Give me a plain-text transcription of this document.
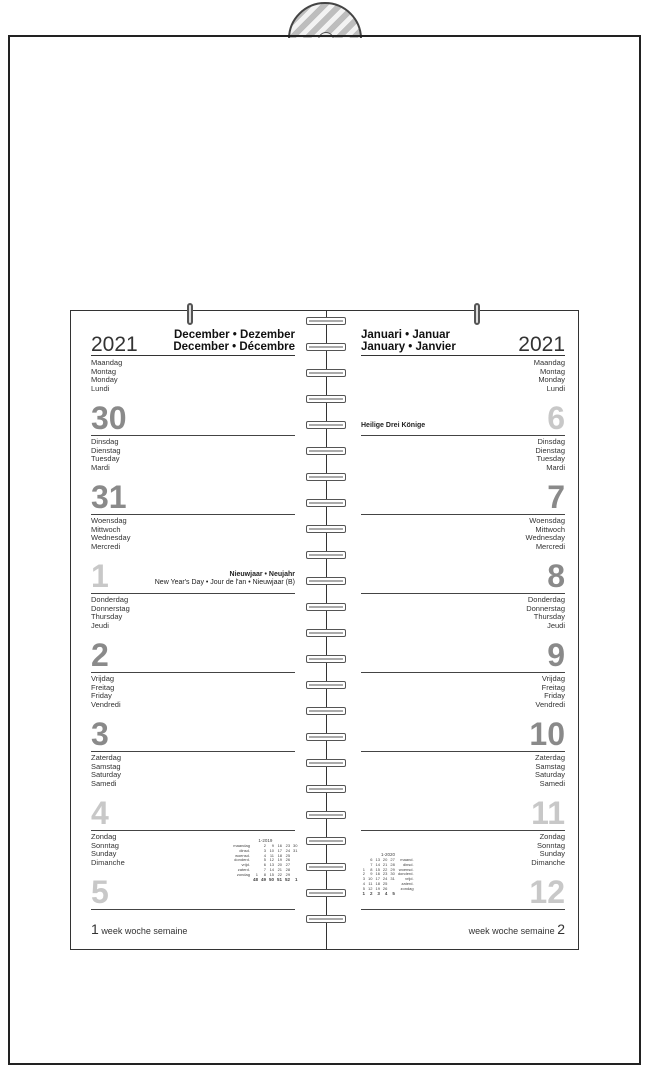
2021	December • Dezember
December • Décembre
Maandag
Montag
Monday
Lundi
30
Dinsdag
Dienstag
Tuesday
Mardi
31
Woensdag
Mittwoch
Wednesday
Mercredi
1
Donderdag
Donnerstag
Thursday
Jeudi
2
Vrijdag
Freitag
Friday
Vendredi
3
Zaterdag
Samstag
Saturday
Samedi
4
Zondag
Sonntag
Sunday
Dimanche
5
Nieuwjaar • Neujahr
New Year's Day • Jour de l'an • Nieuwjaar (B)
1-2019
maandag		2	9	16	23	30
dinsd.		3	10	17	24	31
woensd.		4	11	18	25	
donderd.		5	12	19	26	
vrijd.		6	13	20	27	
zaterd.		7	14	21	28	
zondag	1	8	15	22	29	
	48	49	50	51	52	1
1 week woche semaine
Januari • Januar
January • Janvier	2021
Maandag
Montag
Monday
Lundi
6
Dinsdag
Dienstag
Tuesday
Mardi
7
Woensdag
Mittwoch
Wednesday
Mercredi
8
Donderdag
Donnerstag
Thursday
Jeudi
9
Vrijdag
Freitag
Friday
Vendredi
10
Zaterdag
Samstag
Saturday
Samedi
11
Zondag
Sonntag
Sunday
Dimanche
12
Heilige Drei Könige
1-2020
	6	13	20	27	maand.
	7	14	21	28	dinsd.
1	8	15	22	29	woensd.
2	9	16	23	30	donderd.
3	10	17	24	31	vrijd.
4	11	18	25		zaterd.
5	12	19	26		zondag
1	2	3	4	5	
week woche semaine 2
